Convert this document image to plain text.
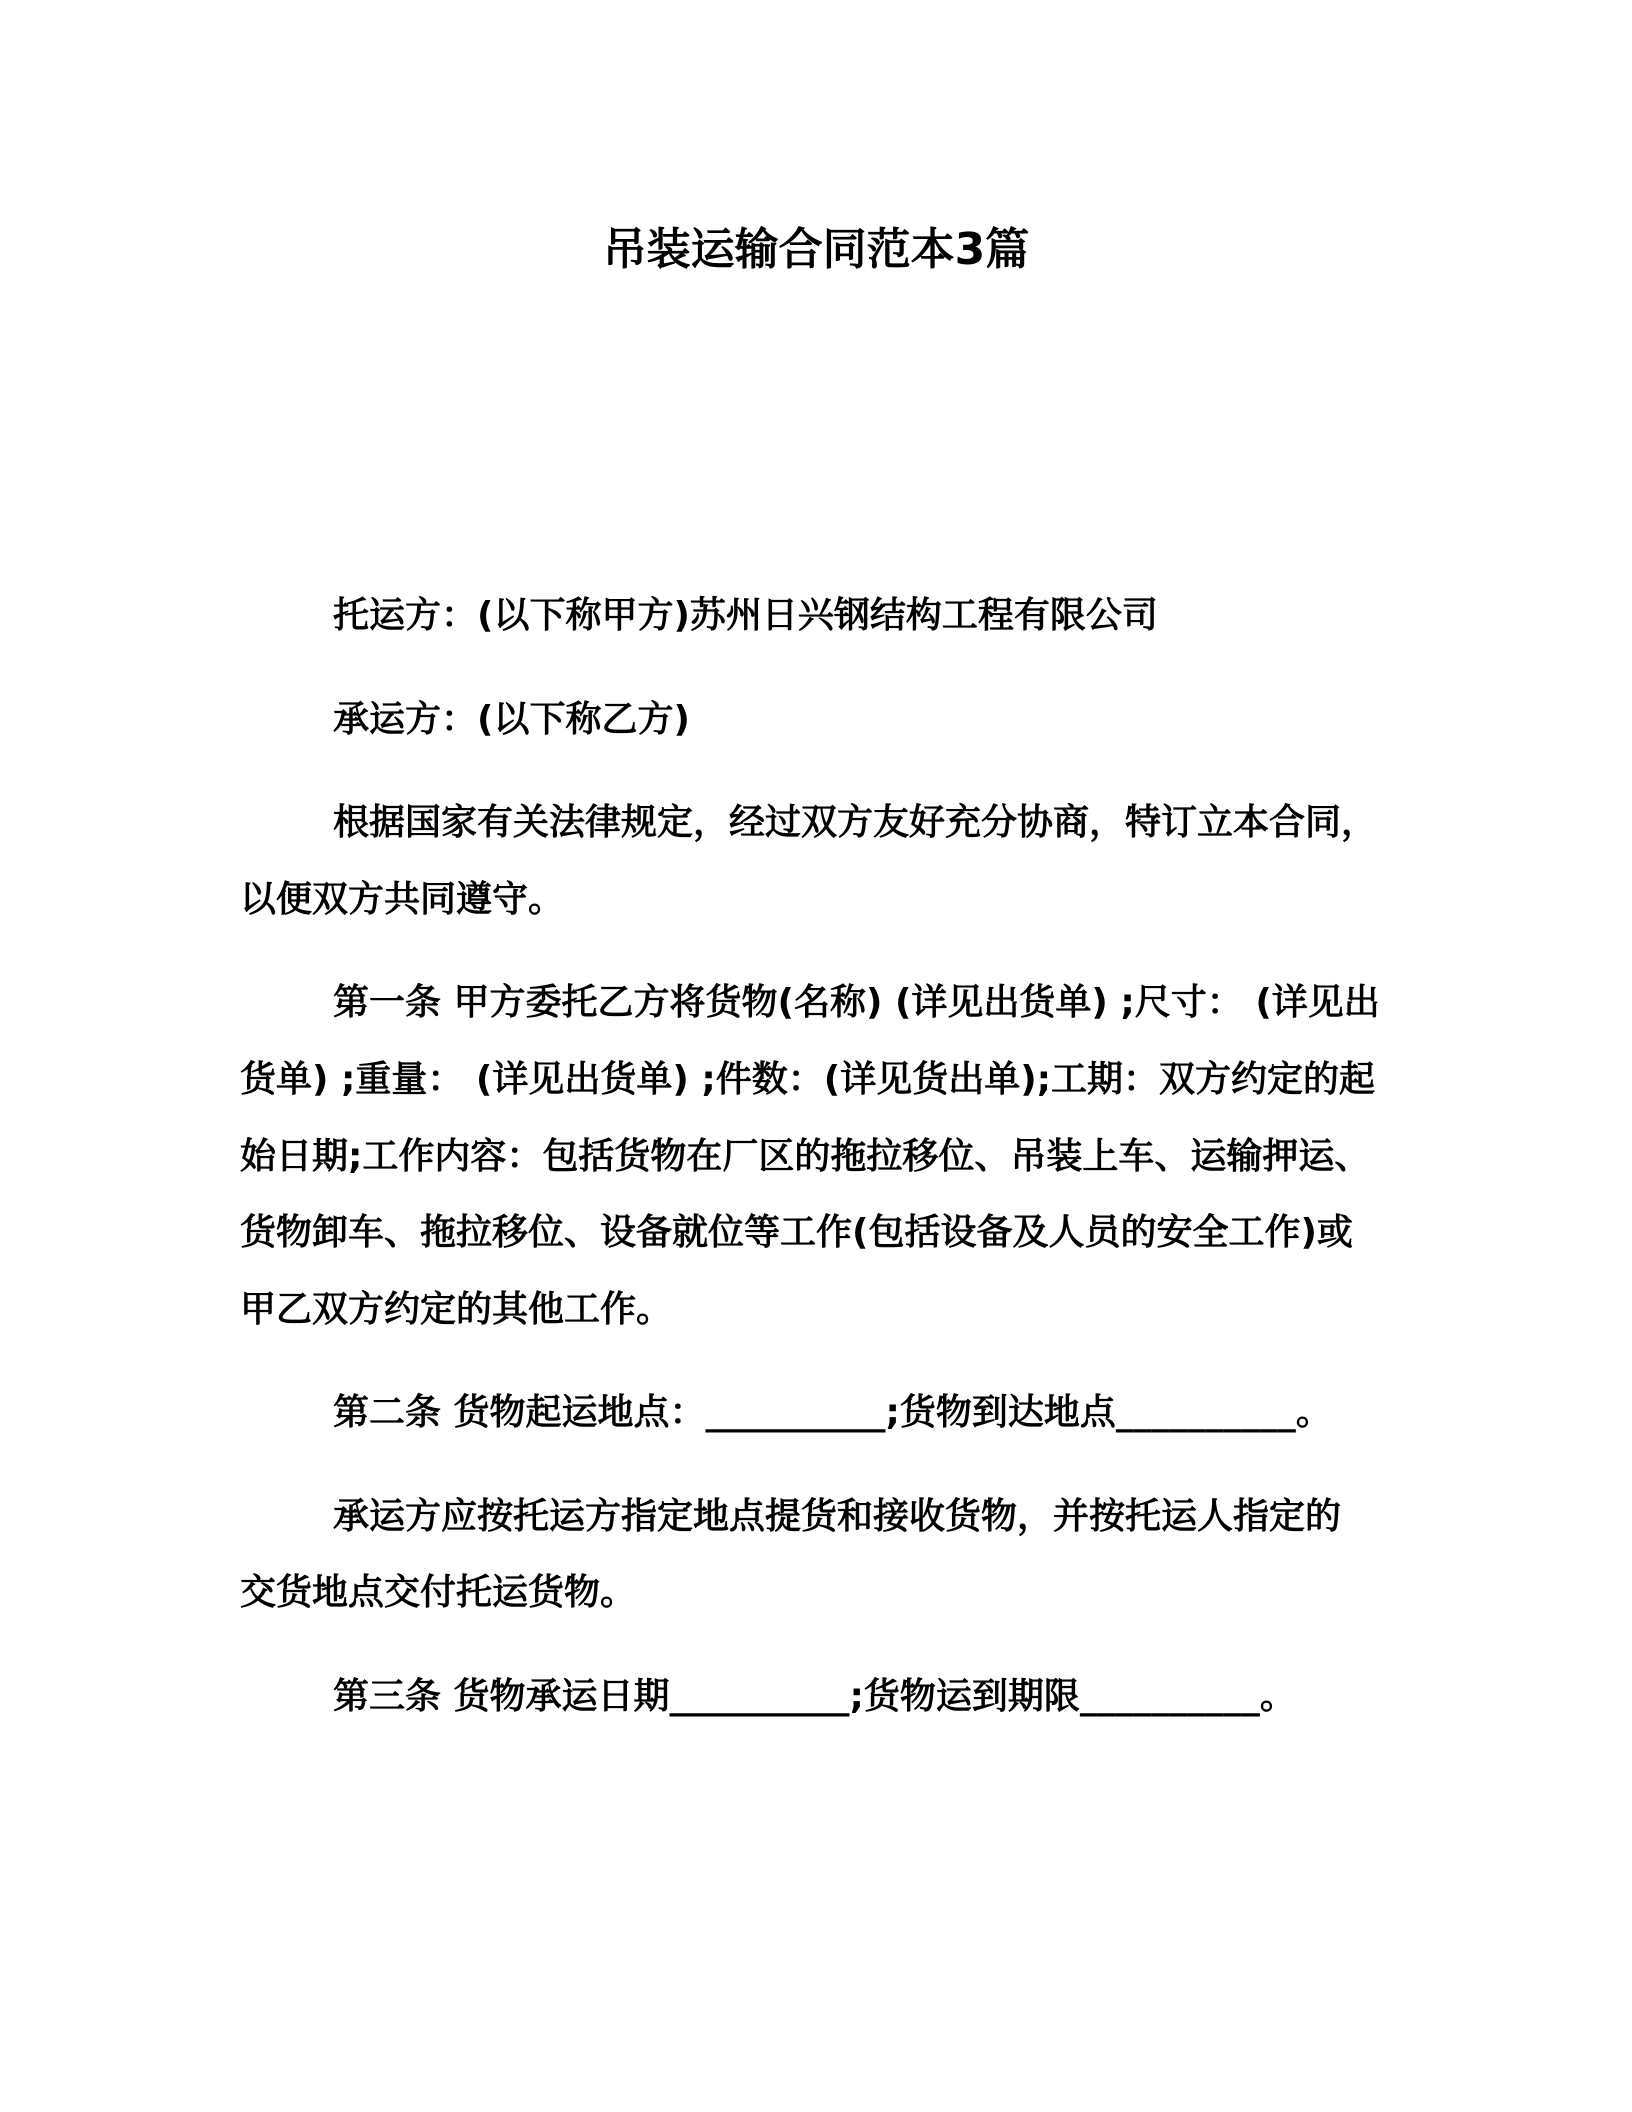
吊装运输合同范本3篇
托运方：(以下称甲方)苏州日兴钢结构工程有限公司
承运方：(以下称乙方)
根据国家有关法律规定，经过双方友好充分协商，特订立本合同，
以便双方共同遵守。
第一条 甲方委托乙方将货物(名称) (详见出货单) ;尺寸： (详见出
货单) ;重量： (详见出货单) ;件数：(详见货出单);工期：双方约定的起
始日期;工作内容：包括货物在厂区的拖拉移位、吊装上车、运输押运、
货物卸车、拖拉移位、设备就位等工作(包括设备及人员的安全工作)或
甲乙双方约定的其他工作。
第二条 货物起运地点：__________;货物到达地点__________。
承运方应按托运方指定地点提货和接收货物，并按托运人指定的
交货地点交付托运货物。
第三条 货物承运日期__________;货物运到期限__________。
